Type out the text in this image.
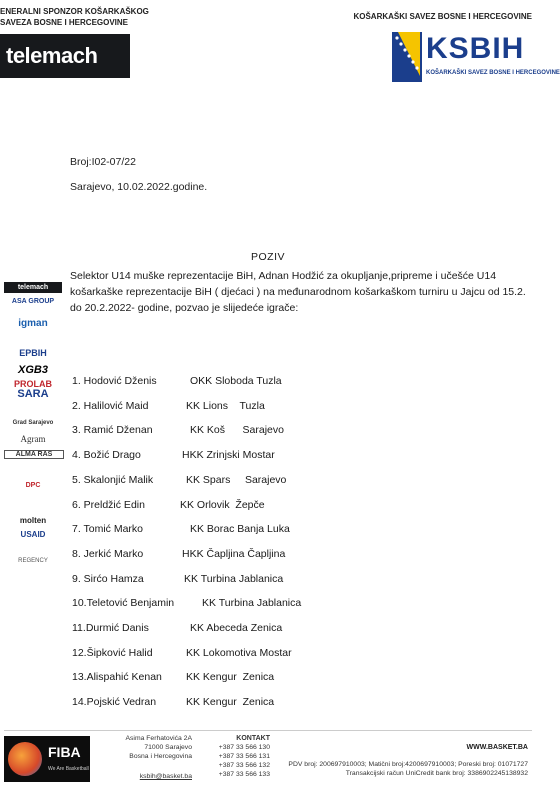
ENERALNI SPONZOR KOŠARKAŠKOG
SAVEZA BOSNE I HERCEGOVINE
telemach
KOŠARKAŠKI SAVEZ BOSNE I HERCEGOVINE
KSBIH
KOŠARKAŠKI SAVEZ BOSNE I HERCEGOVINE
Broj:I02-07/22
Sarajevo, 10.02.2022.godine.
POZIV
Selektor U14 muške reprezentacije BiH, Adnan Hodžić za okupljanje,pripreme i učešće U14 košarkaške reprezentacije BiH ( djećaci ) na međunarodnom košarkaškom turniru u Jajcu od 15.2. do 20.2.2022- godine, pozvao je slijedeće igrače:
telemach
ASA GROUP
igman
EPBIH
XGB3
PROLAB
SARA
Grad Sarajevo
Agram
ALMA RAS
DPC
molten
USAID
REGENCY
1. Hodović Dženis	OKK Sloboda Tuzla
2. Halilović Maid	KK Lions    Tuzla
3. Ramić Dženan	KK Koš      Sarajevo
4. Božić Drago	HKK Zrinjski Mostar
5. Skalonjić Malik	KK Spars     Sarajevo
6. Preldžić Edin	KK Orlovik  Žepče
7. Tomić Marko	KK Borac Banja Luka
8. Jerkić Marko	HKK Čapljina Čapljina
9. Sirćo Hamza	KK Turbina Jablanica
10.Teletović Benjamin	KK Turbina Jablanica
11.Durmić Danis	KK Abeceda Zenica
12.Šipković Halid	KK Lokomotiva Mostar
13.Alispahić Kenan KK Kengur  Zenica
14.Pojskić Vedran	KK Kengur  Zenica
FIBA
We Are Basketball
Asima Ferhatovića 2A
71000 Sarajevo
Bosna i Hercegovina
ksbih@basket.ba
KONTAKT
+387 33 566 130
+387 33 566 131
+387 33 566 132
+387 33 566 133
WWW.BASKET.BA
PDV broj: 200697910003; Matični broj:4200697910003; Poreski broj: 01071727
Transakcijski račun UniCredit bank broj: 3386902245138932
